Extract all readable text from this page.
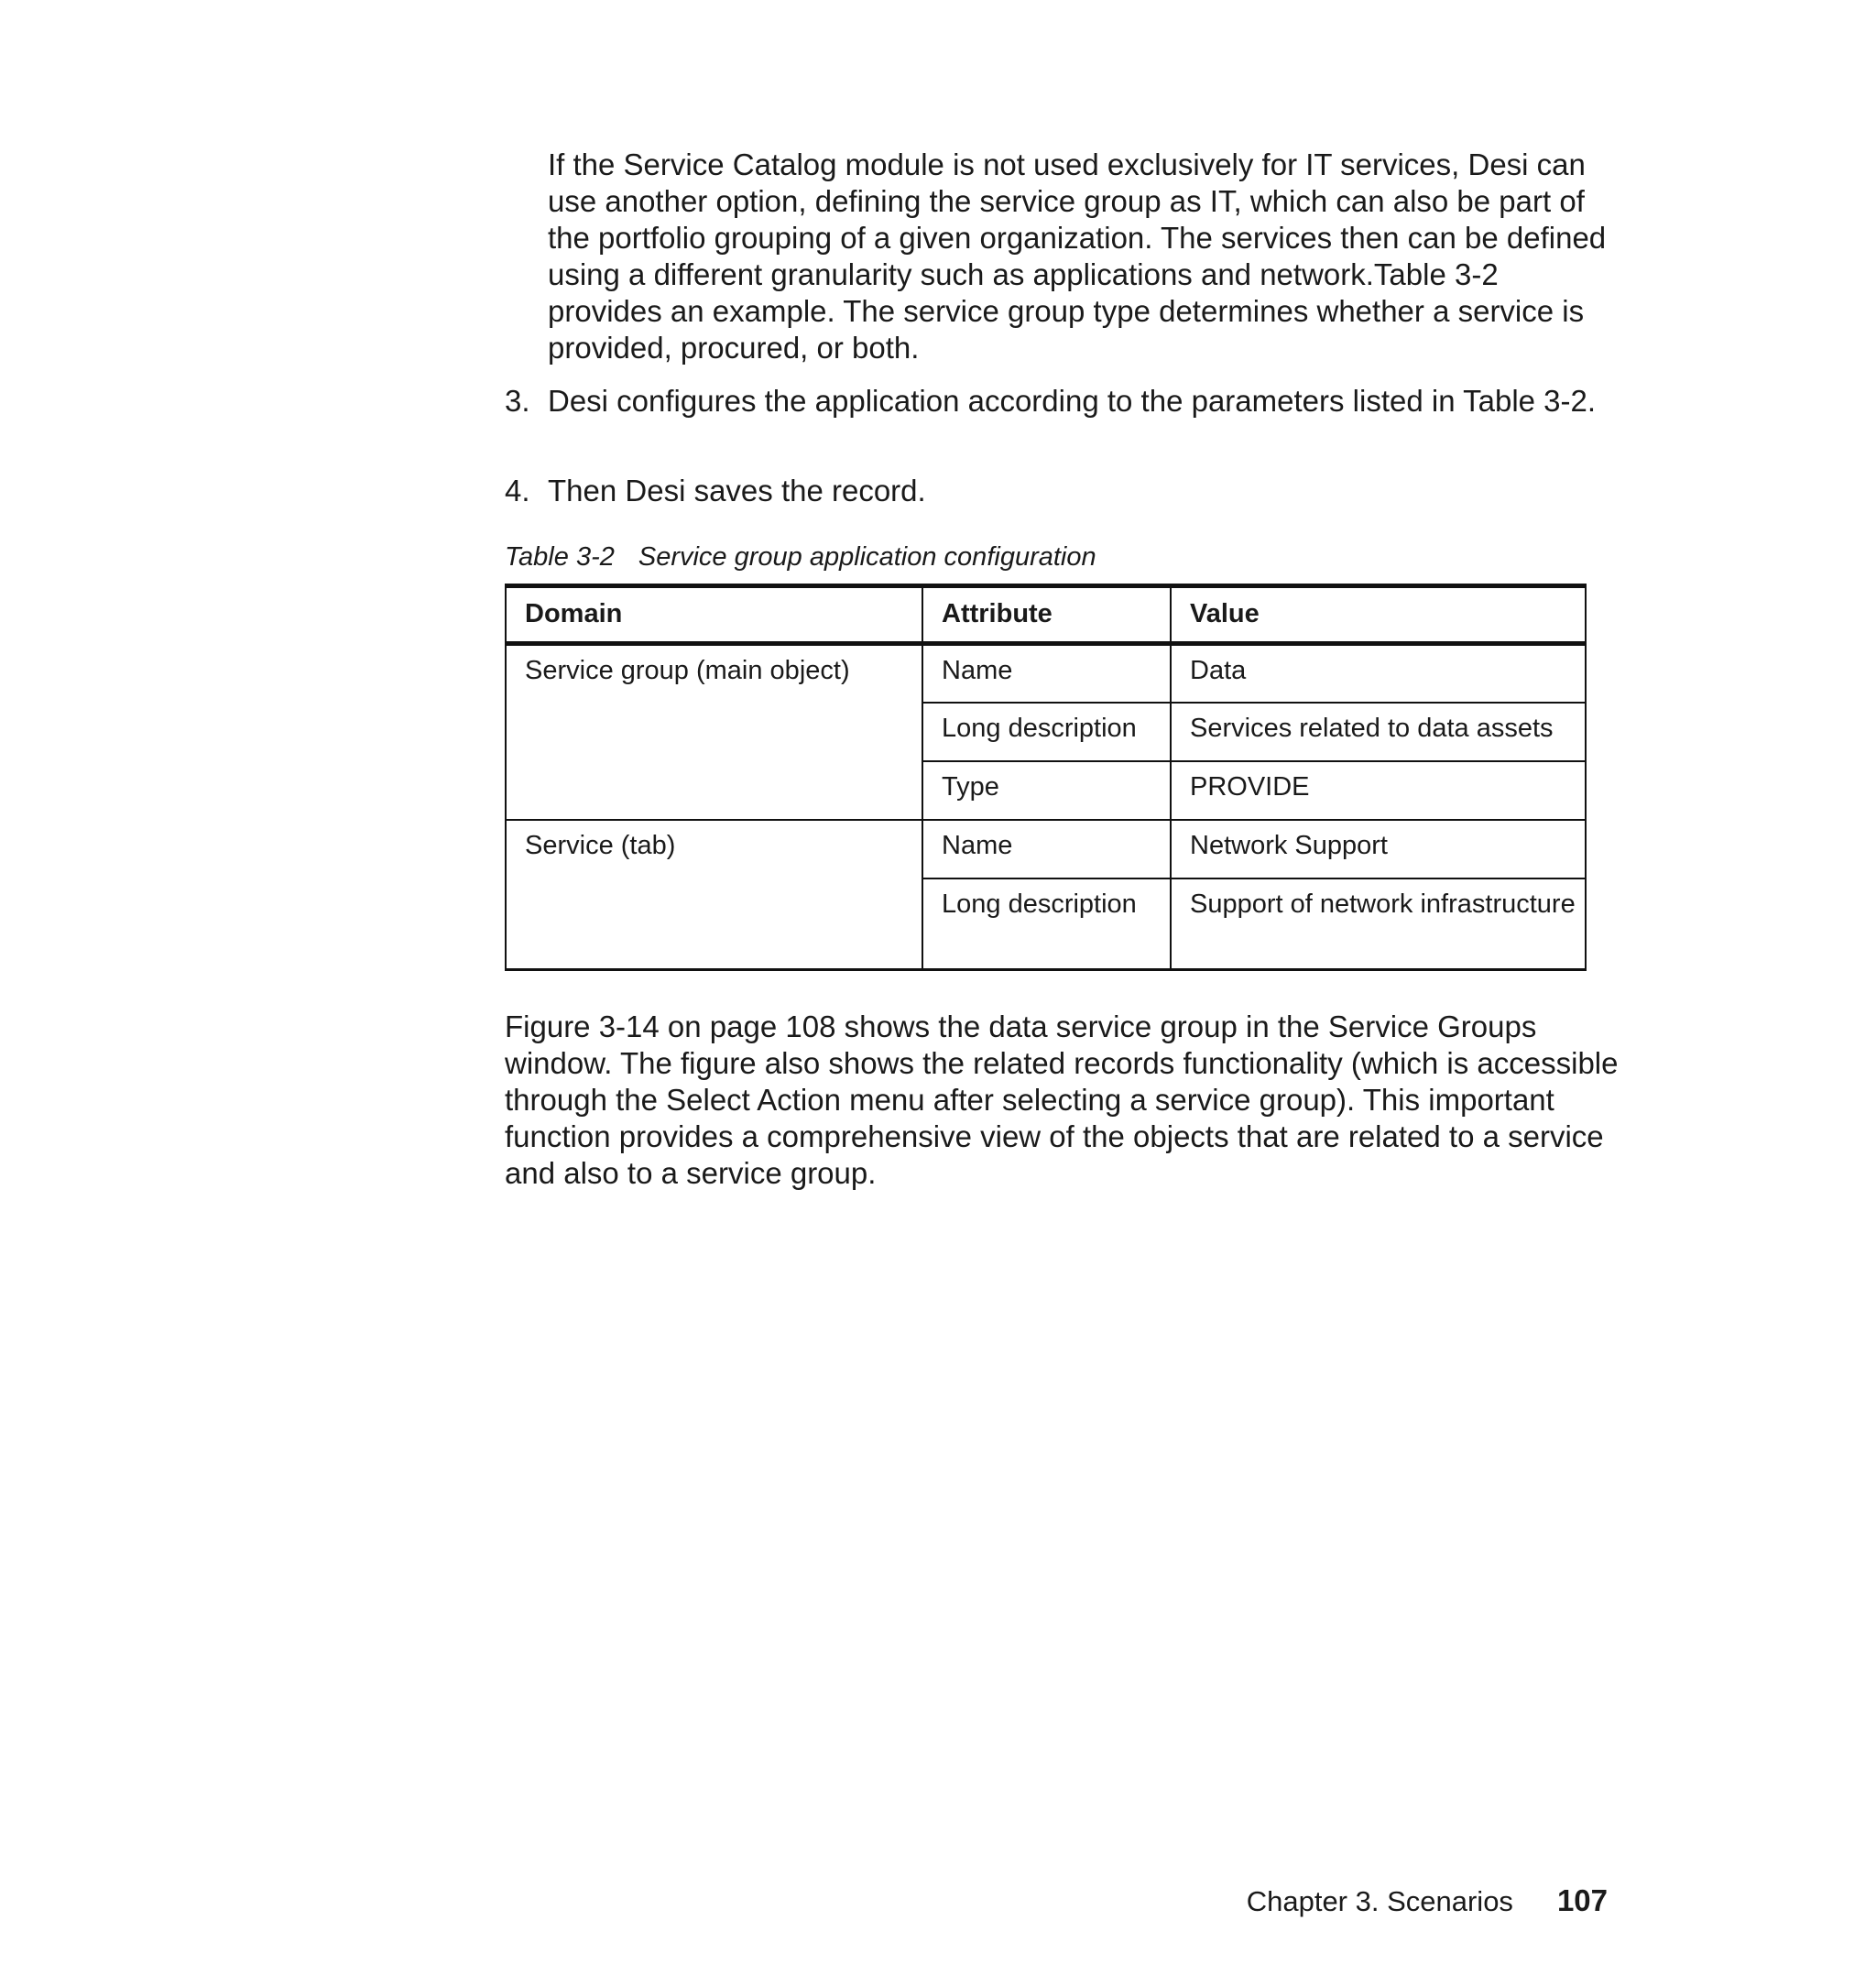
If the Service Catalog module is not used exclusively for IT services, Desi can use another option, defining the service group as IT, which can also be part of the portfolio grouping of a given organization. The services then can be defined using a different granularity such as applications and network.Table 3-2 provides an example. The service group type determines whether a service is provided, procured, or both.

3. Desi configures the application according to the parameters listed in Table 3-2.
4. Then Desi saves the record.
Table 3-2 Service group application configuration
Domain	Attribute	Value
Service group (main object)	Name	Data
	Long description	Services related to data assets
	Type	PROVIDE
Service (tab)	Name	Network Support
	Long description	Support of network infrastructure

Figure 3-14 on page 108 shows the data service group in the Service Groups window. The figure also shows the related records functionality (which is accessible through the Select Action menu after selecting a service group). This important function provides a comprehensive view of the objects that are related to a service and also to a service group.

Chapter 3. Scenarios 107
